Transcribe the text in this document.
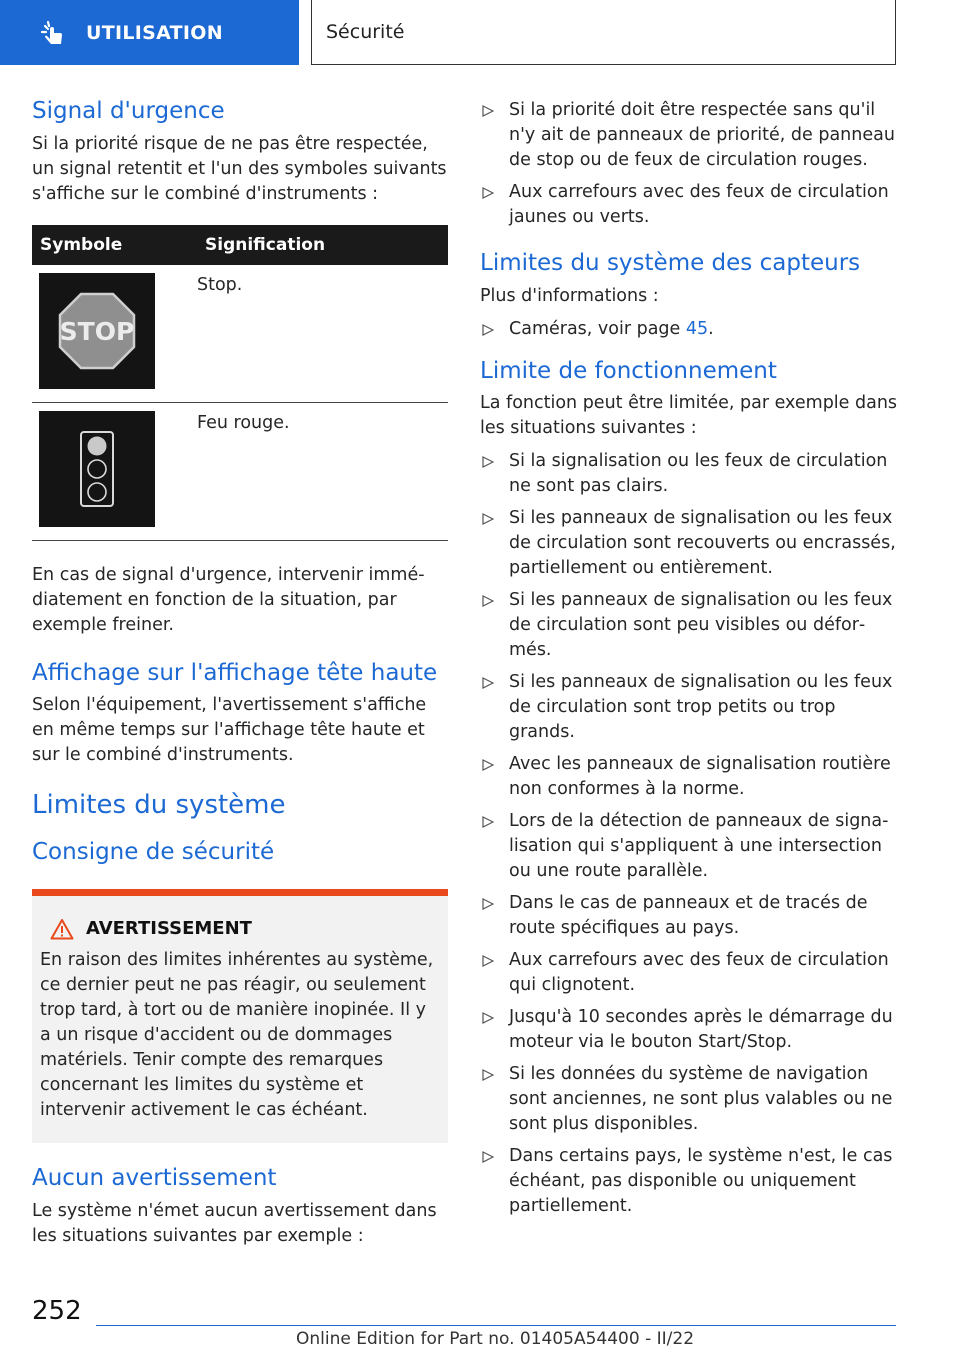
UTILISATION	Sécurité
Signal d'urgence

Si la priorité risque de ne pas être respectée, un signal retentit et l'un des symboles suivants s'affiche sur le combiné d'instruments :

Symbole	Signification
STOP
Stop.
Feu rouge.

En cas de signal d'urgence, intervenir immédiatement en fonction de la situation, par exemple freiner.

Affichage sur l'affichage tête haute

Selon l'équipement, l'avertissement s'affiche en même temps sur l'affichage tête haute et sur le combiné d'instruments.

Limites du système
Consigne de sécurité
AVERTISSEMENT

En raison des limites inhérentes au système, ce dernier peut ne pas réagir, ou seulement trop tard, à tort ou de manière inopinée. Il y a un risque d'accident ou de dommages matériels. Tenir compte des remarques concernant les limites du système et intervenir activement le cas échéant.

Aucun avertissement

Le système n'émet aucun avertissement dans les situations suivantes par exemple :

Si la priorité doit être respectée sans qu'il n'y ait de panneaux de priorité, de panneau de stop ou de feux de circulation rouges.
Aux carrefours avec des feux de circulation jaunes ou verts.
Limites du système des capteurs

Plus d'informations :

Caméras, voir page 45.
Limite de fonctionnement

La fonction peut être limitée, par exemple dans les situations suivantes :

Si la signalisation ou les feux de circulation ne sont pas clairs.
Si les panneaux de signalisation ou les feux de circulation sont recouverts ou encrassés, partiellement ou entièrement.
Si les panneaux de signalisation ou les feux de circulation sont peu visibles ou déformés.
Si les panneaux de signalisation ou les feux de circulation sont trop petits ou trop grands.
Avec les panneaux de signalisation routière non conformes à la norme.
Lors de la détection de panneaux de signalisation qui s'appliquent à une intersection ou une route parallèle.
Dans le cas de panneaux et de tracés de route spécifiques au pays.
Aux carrefours avec des feux de circulation qui clignotent.
Jusqu'à 10 secondes après le démarrage du moteur via le bouton Start/Stop.
Si les données du système de navigation sont anciennes, ne sont plus valables ou ne sont plus disponibles.
Dans certains pays, le système n'est, le cas échéant, pas disponible ou uniquement partiellement.
252
Online Edition for Part no. 01405A54400 - II/22
